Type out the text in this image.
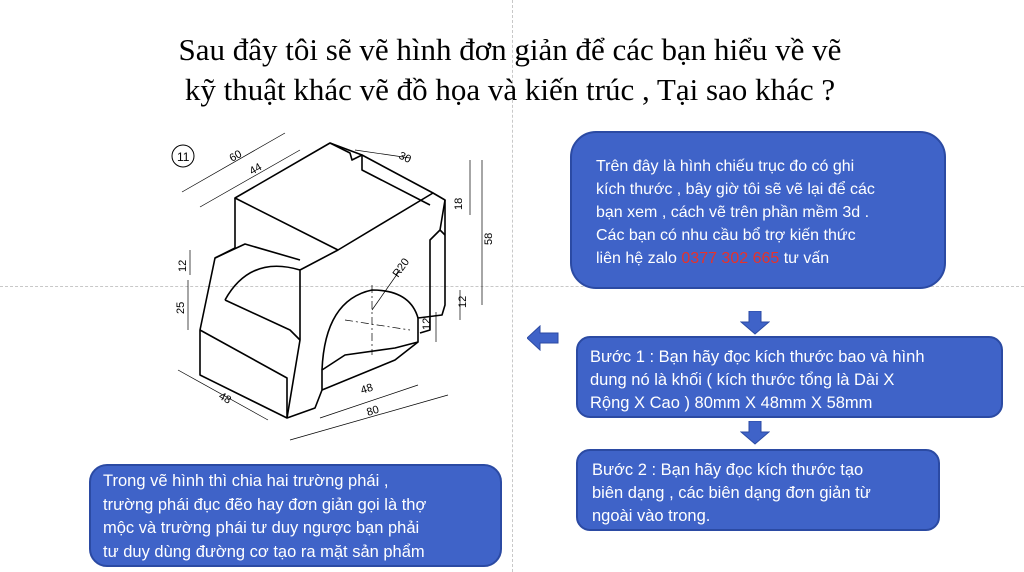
Sau đây tôi sẽ vẽ hình đơn giản để các bạn hiểu về vẽ
kỹ thuật khác vẽ đồ họa và kiến trúc , Tại sao khác ?
11	60
44
30
18
58
12
25
R20
12
12
48
48
80
Trên đây là hình chiếu trục đo có ghi
kích thước , bây giờ tôi sẽ vẽ lại để các
bạn xem , cách vẽ trên phần mềm 3d .
Các bạn có nhu cầu bổ trợ kiến thức
liên hệ zalo 0377 302 665 tư vấn
Bước 1 : Bạn hãy đọc kích thước bao và hình
dung nó là khối ( kích thước tổng là Dài X
Rộng X Cao ) 80mm X 48mm X 58mm
Bước 2 : Bạn hãy đọc kích thước tạo
biên dạng , các biên dạng đơn giản từ
ngoài vào trong.
Trong vẽ hình thì chia hai trường phái ,
trường phái đục đẽo hay đơn giản gọi là thợ
mộc và trường phái tư duy ngược bạn phải
tư duy dùng đường cơ tạo ra mặt sản phẩm
